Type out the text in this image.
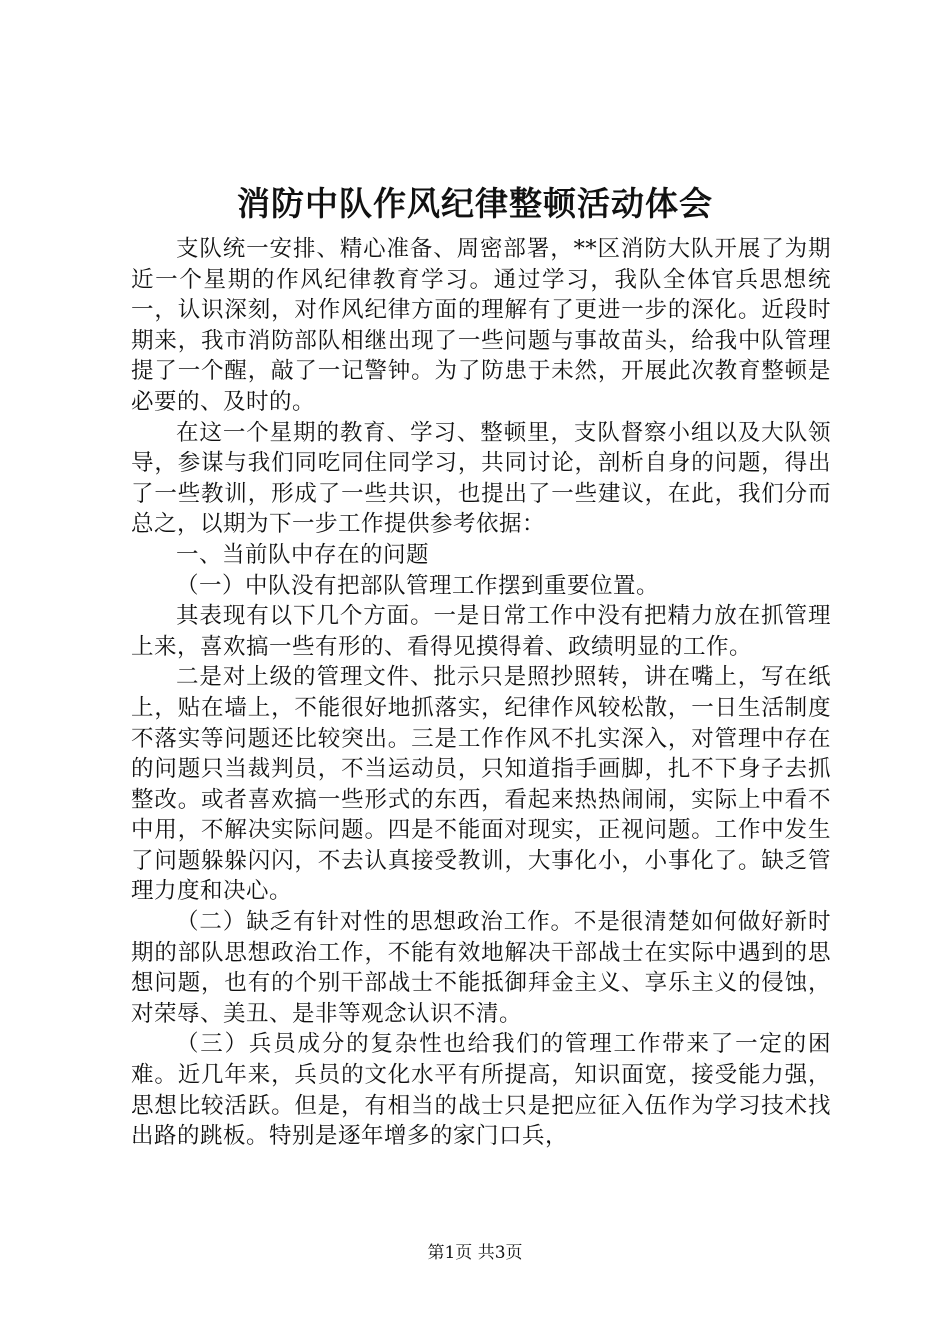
消防中队作风纪律整顿活动体会

支队统一安排、精心准备、周密部署，**区消防大队开展了为期近一个星期的作风纪律教育学习。通过学习，我队全体官兵思想统一，认识深刻，对作风纪律方面的理解有了更进一步的深化。近段时期来，我市消防部队相继出现了一些问题与事故苗头，给我中队管理提了一个醒，敲了一记警钟。为了防患于未然，开展此次教育整顿是必要的、及时的。

在这一个星期的教育、学习、整顿里，支队督察小组以及大队领导，参谋与我们同吃同住同学习，共同讨论，剖析自身的问题，得出了一些教训，形成了一些共识，也提出了一些建议，在此，我们分而总之，以期为下一步工作提供参考依据：

一、当前队中存在的问题

（一）中队没有把部队管理工作摆到重要位置。

其表现有以下几个方面。一是日常工作中没有把精力放在抓管理上来，喜欢搞一些有形的、看得见摸得着、政绩明显的工作。

二是对上级的管理文件、批示只是照抄照转，讲在嘴上，写在纸上，贴在墙上，不能很好地抓落实，纪律作风较松散，一日生活制度不落实等问题还比较突出。三是工作作风不扎实深入，对管理中存在的问题只当裁判员，不当运动员，只知道指手画脚，扎不下身子去抓整改。或者喜欢搞一些形式的东西，看起来热热闹闹，实际上中看不中用，不解决实际问题。四是不能面对现实，正视问题。工作中发生了问题躲躲闪闪，不去认真接受教训，大事化小，小事化了。缺乏管理力度和决心。

（二）缺乏有针对性的思想政治工作。不是很清楚如何做好新时期的部队思想政治工作，不能有效地解决干部战士在实际中遇到的思想问题，也有的个别干部战士不能抵御拜金主义、享乐主义的侵蚀，对荣辱、美丑、是非等观念认识不清。

（三）兵员成分的复杂性也给我们的管理工作带来了一定的困难。近几年来，兵员的文化水平有所提高，知识面宽，接受能力强，思想比较活跃。但是，有相当的战士只是把应征入伍作为学习技术找出路的跳板。特别是逐年增多的家门口兵，

第1页 共3页
